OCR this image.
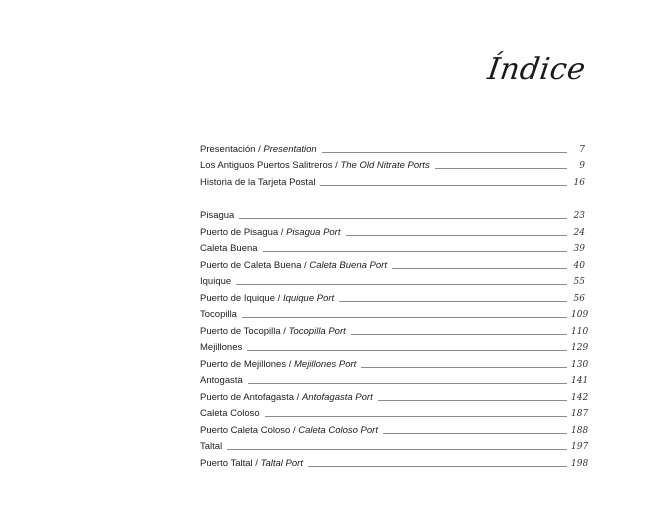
Índice
Presentación / Presentation	7
Los Antiguos Puertos Salitreros / The Old Nitrate Ports	9
Historia de la Tarjeta Postal	16
Pisagua	23
Puerto de Pisagua / Pisagua Port	24
Caleta Buena	39
Puerto de Caleta Buena / Caleta Buena Port	40
Iquique	55
Puerto de Iquique / Iquique Port	56
Tocopilla	109
Puerto de Tocopilla / Tocopilla Port	110
Mejillones	129
Puerto de Mejillones / Mejillones Port	130
Antogasta	141
Puerto de Antofagasta / Antofagasta Port	142
Caleta Coloso	187
Puerto Caleta Coloso / Caleta Coloso Port	188
Taltal	197
Puerto Taltal / Taltal Port	198
